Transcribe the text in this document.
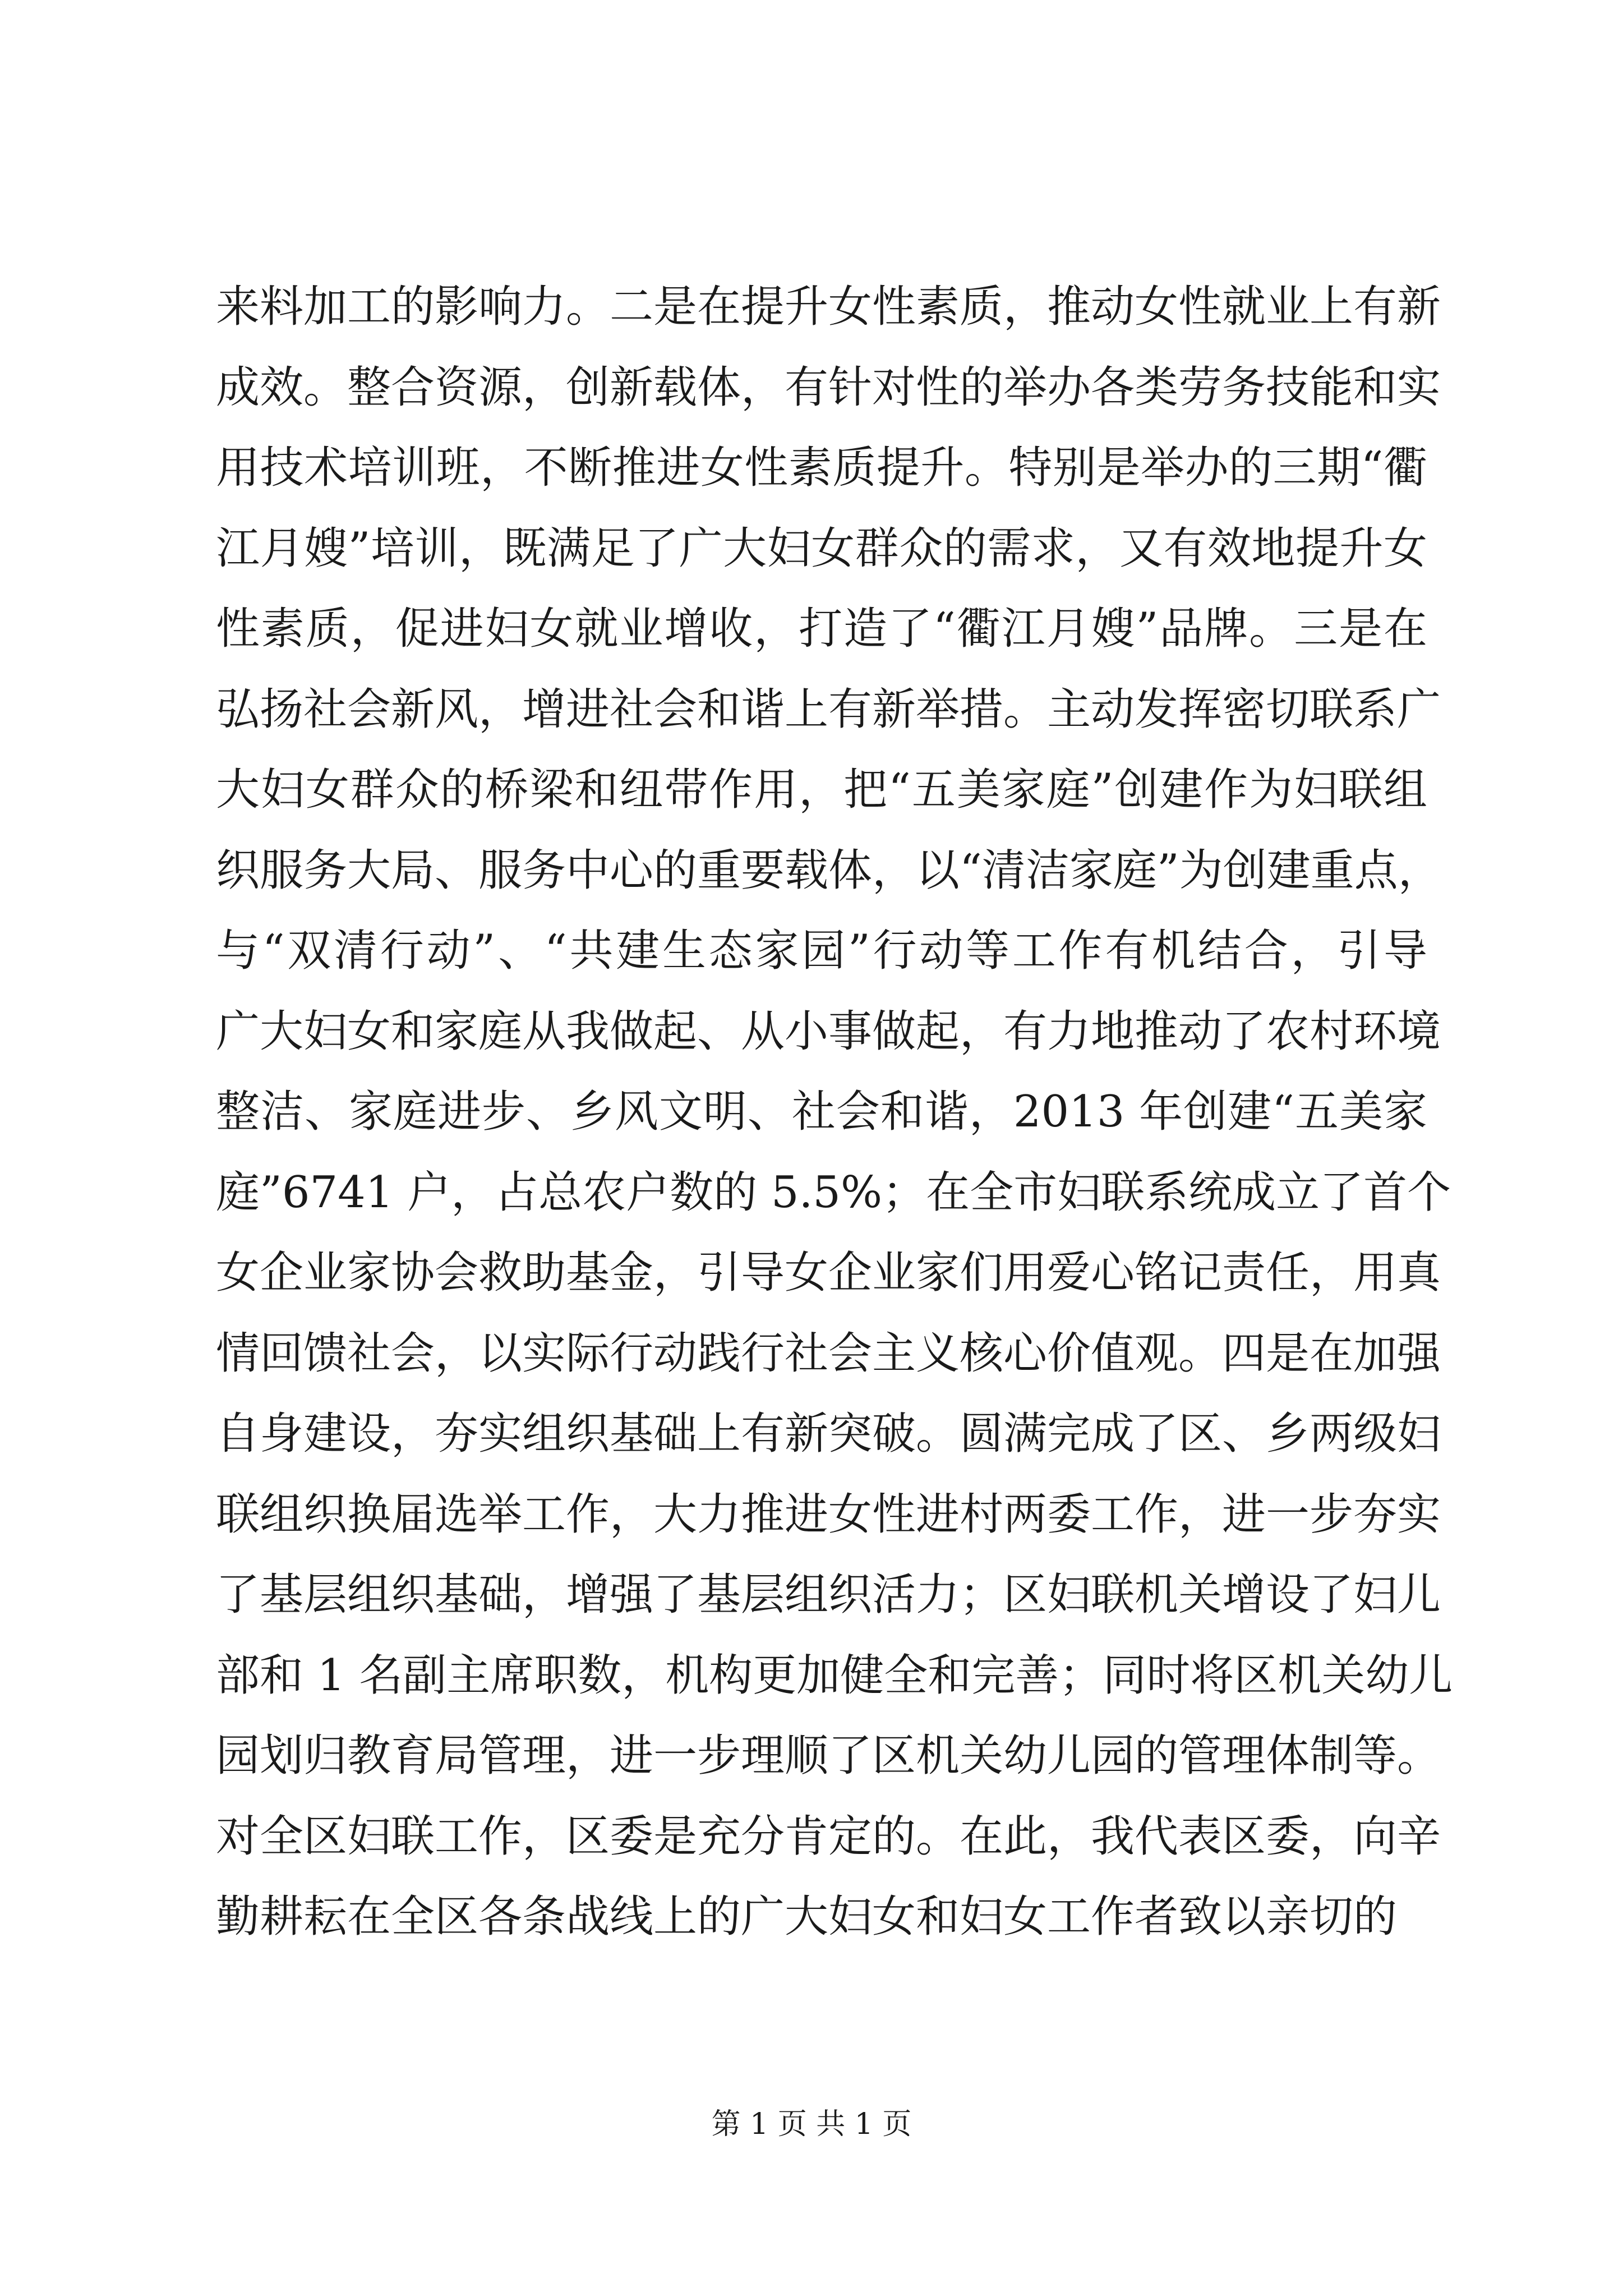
来料加工的影响力。二是在提升女性素质，推动女性就业上有新
成效。整合资源，创新载体，有针对性的举办各类劳务技能和实
用技术培训班，不断推进女性素质提升。特别是举办的三期“衢
江月嫂”培训，既满足了广大妇女群众的需求，又有效地提升女
性素质，促进妇女就业增收，打造了“衢江月嫂”品牌。三是在
弘扬社会新风，增进社会和谐上有新举措。主动发挥密切联系广
大妇女群众的桥梁和纽带作用，把“五美家庭”创建作为妇联组
织服务大局、服务中心的重要载体，以“清洁家庭”为创建重点，
与“双清行动”、“共建生态家园”行动等工作有机结合，引导
广大妇女和家庭从我做起、从小事做起，有力地推动了农村环境
整洁、家庭进步、乡风文明、社会和谐，2013 年创建“五美家
庭”6741 户，占总农户数的 5.5%；在全市妇联系统成立了首个
女企业家协会救助基金，引导女企业家们用爱心铭记责任，用真
情回馈社会，以实际行动践行社会主义核心价值观。四是在加强
自身建设，夯实组织基础上有新突破。圆满完成了区、乡两级妇
联组织换届选举工作，大力推进女性进村两委工作，进一步夯实
了基层组织基础，增强了基层组织活力；区妇联机关增设了妇儿
部和 1 名副主席职数，机构更加健全和完善；同时将区机关幼儿
园划归教育局管理，进一步理顺了区机关幼儿园的管理体制等。
对全区妇联工作，区委是充分肯定的。在此，我代表区委，向辛
勤耕耘在全区各条战线上的广大妇女和妇女工作者致以亲切的
第 1 页 共 1 页
